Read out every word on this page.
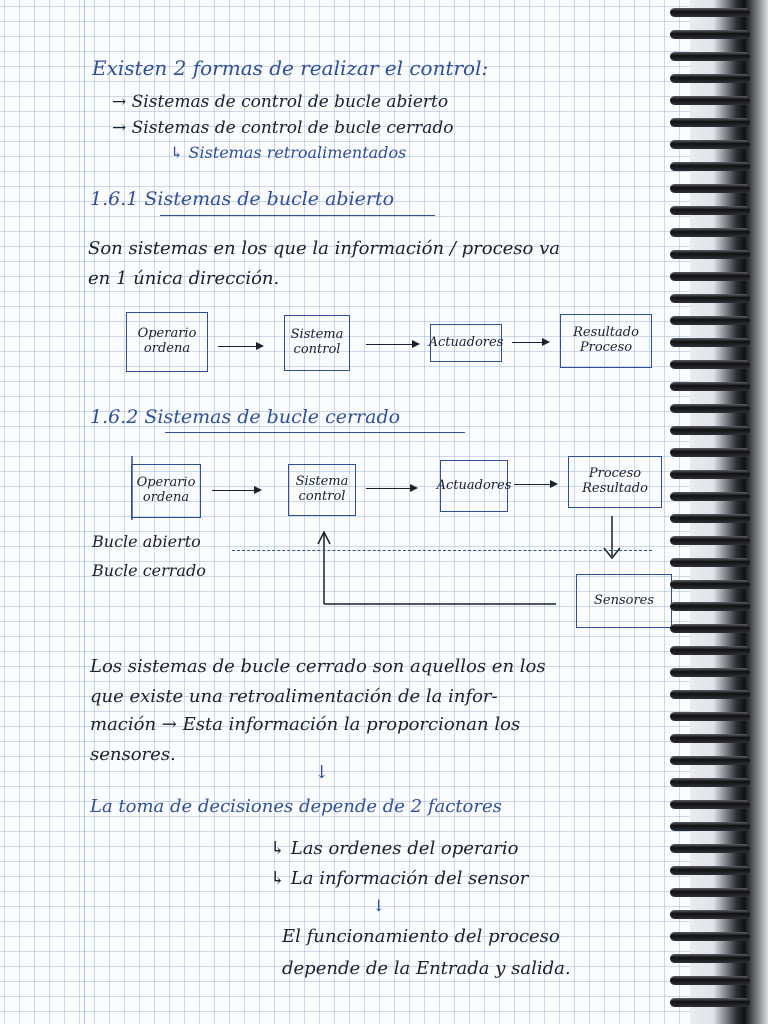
Existen 2 formas de realizar el control:
→ Sistemas de control de bucle abierto
→ Sistemas de control de bucle cerrado
↳ Sistemas retroalimentados
1.6.1 Sistemas de bucle abierto
Son sistemas en los que la información / proceso va
en 1 única dirección.
Operario ordena
Sistema control	Actuadores
Resultado Proceso
1.6.2 Sistemas de bucle cerrado
Operario ordena
Sistema control
Actuadores
Proceso Resultado
Sensores
Bucle abierto
Bucle cerrado
Los sistemas de bucle cerrado son aquellos en los
que existe una retroalimentación de la infor-
mación → Esta información la proporcionan los
sensores.
↓
La toma de decisiones depende de 2 factores
↳ Las ordenes del operario
↳ La información del sensor
↓
El funcionamiento del proceso
depende de la Entrada y salida.
